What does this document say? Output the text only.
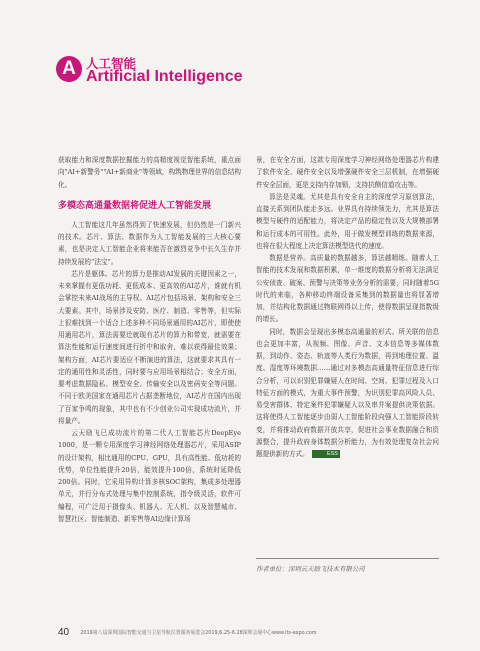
A 人工智能
Artificial Intelligence

获取能力和深度数据挖掘能力的高精度视觉智能系统，重点面向"AI+新警务""AI+新商业"等领域，构筑物理世界的信息结构化。

多模态高通量数据将促进人工智能发展

人工智能这几年虽然得到了快速发展，但仍然是一门新兴的技术。芯片、算法、数据作为人工智能发展的三大核心要素，也是决定人工智能企业将来能否在激烈竞争中长久生存并持续发展的“法宝”。

芯片是躯体。芯片的算力是推动AI发展的关键因素之一，未来掌握有更低功耗、更低成本、更高效的AI芯片，谁就有机会掌控未来AI战场的主导权。AI芯片包括场景、架构和安全三大要素。其中，场景涉及安防、医疗、制造、零售等，但实际上很难找到一个适合上述多种不同场景通用的AI芯片，即使使用通用芯片，算法需要迁就现有芯片的算力和带宽，就需要在算法性能和运行速度间进行折中和取舍，难以获得最佳效果；架构方面，AI芯片要适应不断演进的算法，这就要求其具有一定的通用性和灵活性，同时要与应用场景相结合；安全方面，要考虑数据隐私、模型安全、传输安全以及密码安全等问题。不同于欧美国家在通用芯片占据垄断地位，AI芯片在国内出现了百家争鸣的现象，其中也有不少创业公司实现成功流片，并将量产。

云天励飞已成功流片的第二代人工智能芯片DeepEye 1000，是一颗专用深度学习神经网络处理器芯片，采用ASIP的设计架构，相比通用的CPU、GPU，具有高性能、低功耗的优势，单位性能提升20倍，能效提升100倍，系统时延降低200倍。同时，它采用异构计算多核SOC架构，集成多处理器单元，并行分布式处理与集中控制系统，指令级灵活，软件可编程，可广泛用于摄像头、机器人、无人机、以及智慧城市、智慧社区、智能制造、新零售等AI边缘计算场

景，在安全方面，这款专用深度学习神经网络处理器芯片构建了软件安全、硬件安全以及增强硬件安全三层机制，在增强硬件安全层面，更是支持内存加锁，支持抗侧信道攻击等。

算法是灵魂。尤其是具有安全自主的深度学习原创算法，直接关系到团队能走多远。业界具有持续领先力，尤其是算法模型与硬件的适配能力，将决定产品的稳定性以及大规模部署和运行成本的可用性。此外，用于做发模型训练的数据来源，也将在很大程度上决定算法模型迭代的速度。

数据是营养。高质量的数据越多，算法越精练。随着人工智能的技术发展和数据积累，单一维度的数据分析将无法满足公安侦查、破案、预警与决策等业务分析的需要，同时随着5G时代的来临，各种移动终端设备采集到的数据量也将显著增加，并结构化数据通过物联网得以上传，使得数据呈现指数级的增长。

同时，数据会呈现出多模态高通量的形式。所关联的信息也会更加丰富，从视频、图像、声音、文本信息等多媒体数据，到动作、姿态、轨迹等人类行为数据，再到地理位置、温度、湿度等环境数据……通过对多模态高通量特征信息进行综合分析，可以识别犯罪嫌疑人在时间、空间、犯罪过程及入口特征方面的模式，为重大事件预警，为识别犯罪高风险人员、易受害群体、特定案件犯罪嫌疑人以及串并案提供决策依据。这将使得人工智能逐步由弱人工智能阶段向强人工智能阶段转变，并将推动政府数据开放共享，促进社会事业数据融合和资源整合，提升政府身体数据分析能力，为有效处理复杂社会问题提供新的方式。	ESS

作者单位：深圳云天励飞技术有限公司
40 2019第八届深圳国际智能交通与卫星导航位置服务展览会2019.6.25-6.28深圳会展中心www.its-expo.com
